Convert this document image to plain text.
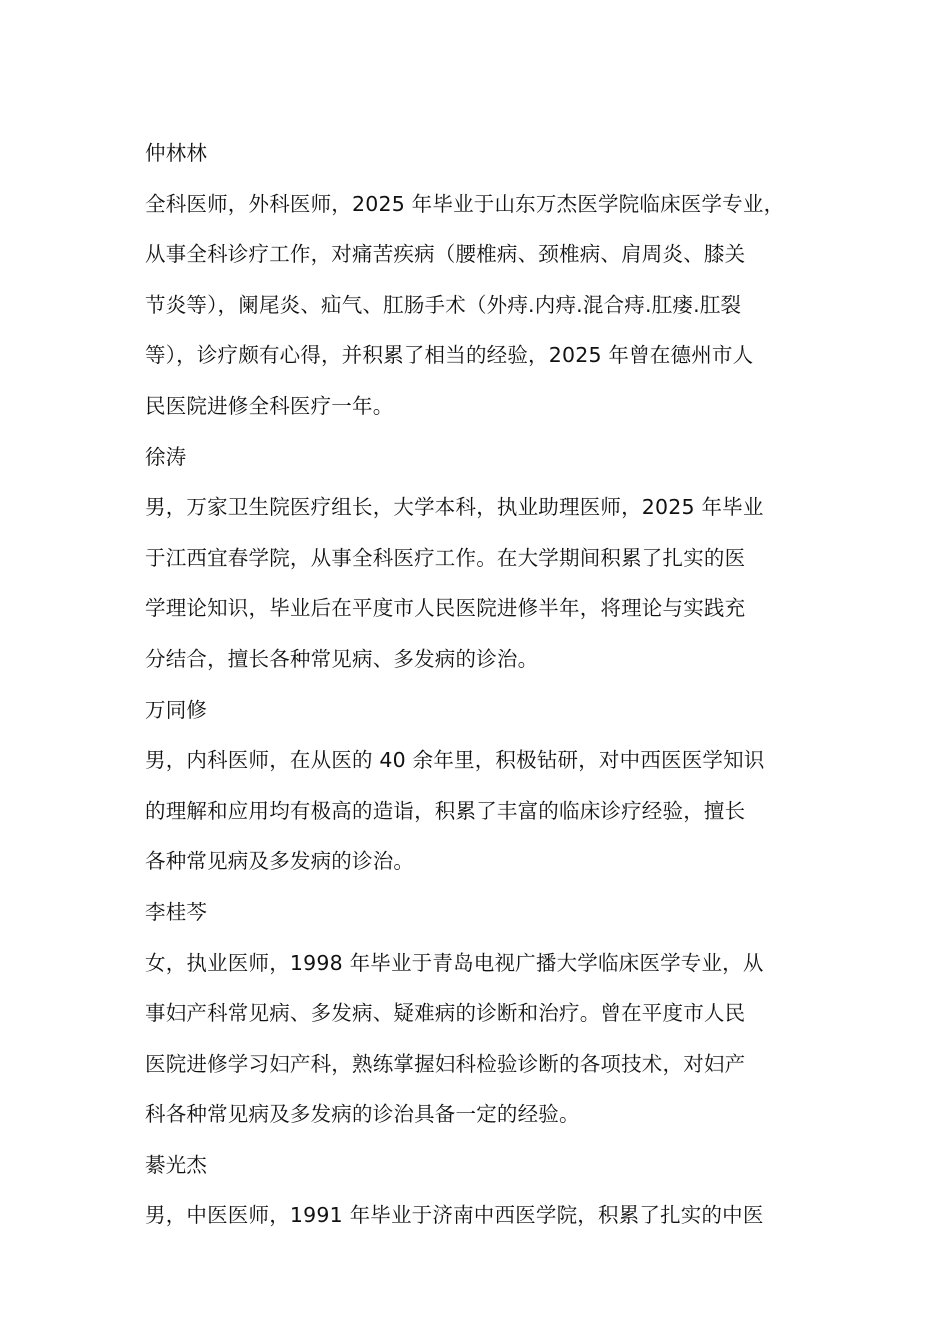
仲林林
全科医师，外科医师，2025 年毕业于山东万杰医学院临床医学专业，
从事全科诊疗工作，对痛苦疾病（腰椎病、颈椎病、肩周炎、膝关
节炎等），阑尾炎、疝气、肛肠手术（外痔.内痔.混合痔.肛瘘.肛裂
等），诊疗颇有心得，并积累了相当的经验，2025 年曾在德州市人
民医院进修全科医疗一年。
徐涛
男，万家卫生院医疗组长，大学本科，执业助理医师，2025 年毕业
于江西宜春学院，从事全科医疗工作。在大学期间积累了扎实的医
学理论知识，毕业后在平度市人民医院进修半年，将理论与实践充
分结合，擅长各种常见病、多发病的诊治。
万同修
男，内科医师，在从医的 40 余年里，积极钻研，对中西医医学知识
的理解和应用均有极高的造诣，积累了丰富的临床诊疗经验，擅长
各种常见病及多发病的诊治。
李桂芩
女，执业医师，1998 年毕业于青岛电视广播大学临床医学专业，从
事妇产科常见病、多发病、疑难病的诊断和治疗。曾在平度市人民
医院进修学习妇产科，熟练掌握妇科检验诊断的各项技术，对妇产
科各种常见病及多发病的诊治具备一定的经验。
綦光杰
男，中医医师，1991 年毕业于济南中西医学院，积累了扎实的中医
